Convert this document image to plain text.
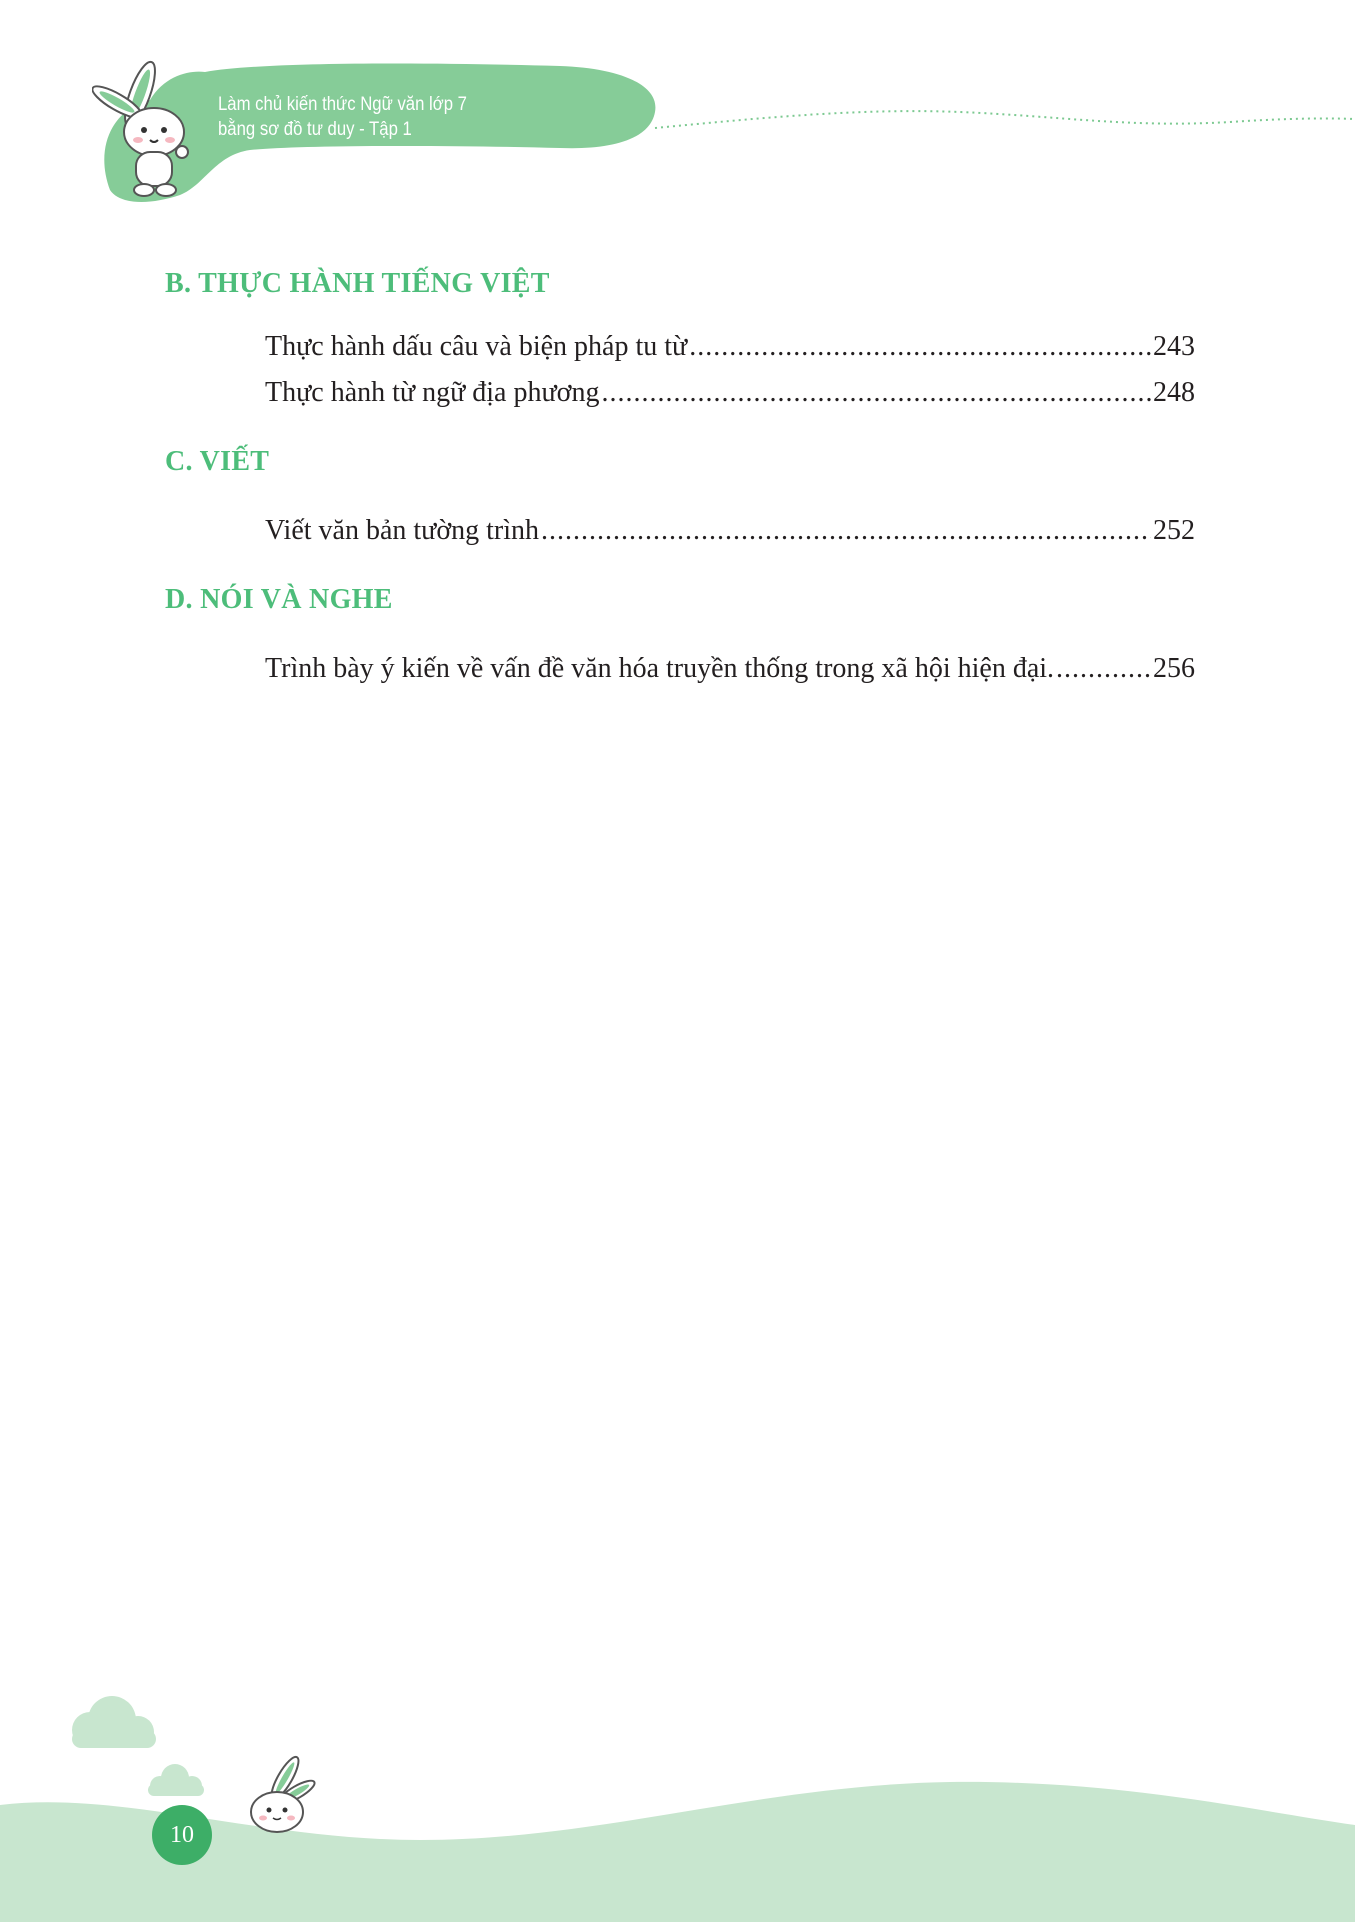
Làm chủ kiến thức Ngữ văn lớp 7
bằng sơ đồ tư duy - Tập 1
B. THỰC HÀNH TIẾNG VIỆT
Thực hành dấu câu và biện pháp tu từ .....	243
Thực hành từ ngữ địa phương .....	248
C. VIẾT
Viết văn bản tường trình .....	252
D. NÓI VÀ NGHE
Trình bày ý kiến về vấn đề văn hóa truyền thống trong xã hội hiện đại. .....	256
10
